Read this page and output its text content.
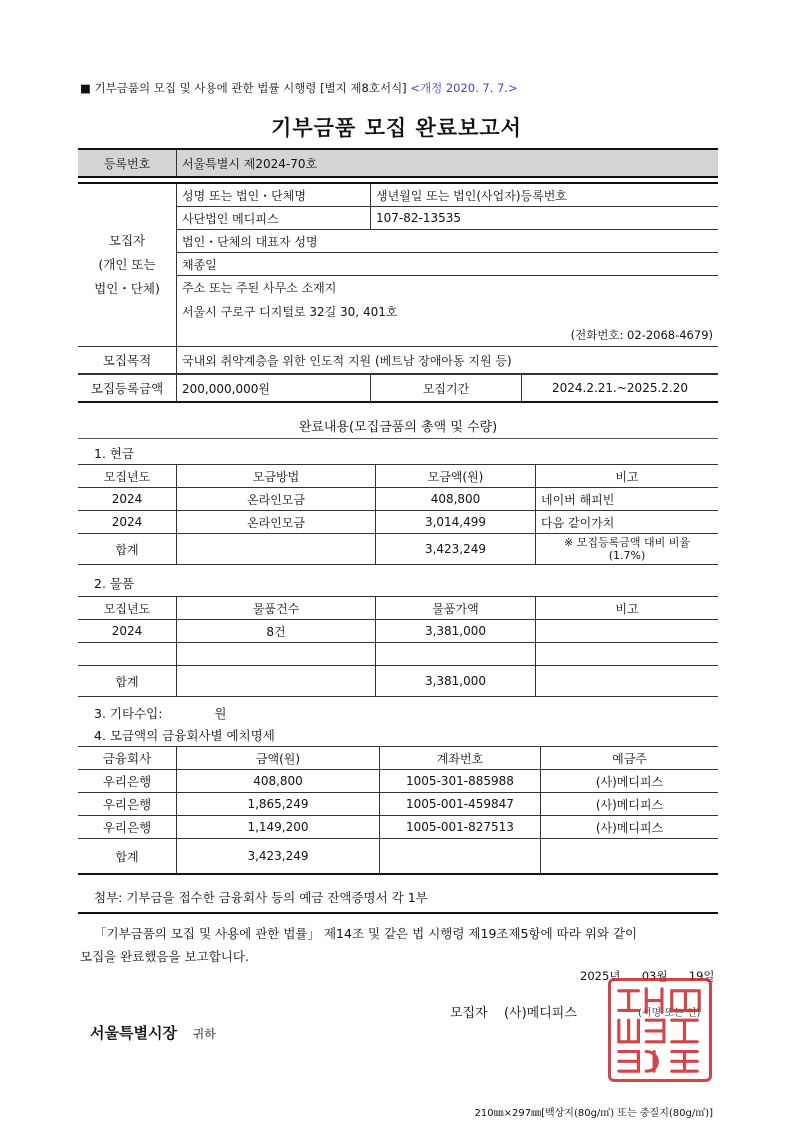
■ 기부금품의 모집 및 사용에 관한 법률 시행령 [별지 제8호서식] <개정 2020. 7. 7.>
기부금품 모집 완료보고서
등록번호	서울특별시 제2024-70호
모집자
(개인 또는
법인・단체)	성명 또는 법인・단체명	생년월일 또는 법인(사업자)등록번호
	사단법인 메디피스	107-82-13535
	법인・단체의 대표자 성명	
	채종일	
	주소 또는 주된 사무소 소재지	
	서울시 구로구 디지털로 32길 30, 401호	
	(전화번호: 02-2068-4679)	
모집목적	국내외 취약계층을 위한 인도적 지원 (베트남 장애아동 지원 등)	
모집등록금액	200,000,000원	모집기간	2024.2.21.~2025.2.20
완료내용(모집금품의 총액 및 수량)
1. 현금
모집년도	모금방법	모금액(원)	비고
2024	온라인모금	408,800	네이버 해피빈
2024	온라인모금	3,014,499	다음 같이가치
합계		3,423,249	※ 모집등록금액 대비 비율
(1.7%)
2. 물품
모집년도	물품건수	물품가액	비고
2024	8건	3,381,000	

합계		3,381,000	
3. 기타수입:	원
4. 모금액의 금융회사별 예치명세
금융회사	금액(원)	계좌번호	예금주
우리은행	408,800	1005-301-885988	(사)메디피스
우리은행	1,865,249	1005-001-459847	(사)메디피스
우리은행	1,149,200	1005-001-827513	(사)메디피스
합계	3,423,249		
첨부: 기부금을 접수한 금융회사 등의 예금 잔액증명서 각 1부
「기부금품의 모집 및 사용에 관한 법률」 제14조 및 같은 법 시행령 제19조제5항에 따라 위와 같이
모집을 완료했음을 보고합니다.
2025년 03월 19일
모집자 (사)메디피스	(서명 또는 인)
서울특별시장 귀하
210㎜×297㎜[백상지(80g/㎡) 또는 중질지(80g/㎡)]
